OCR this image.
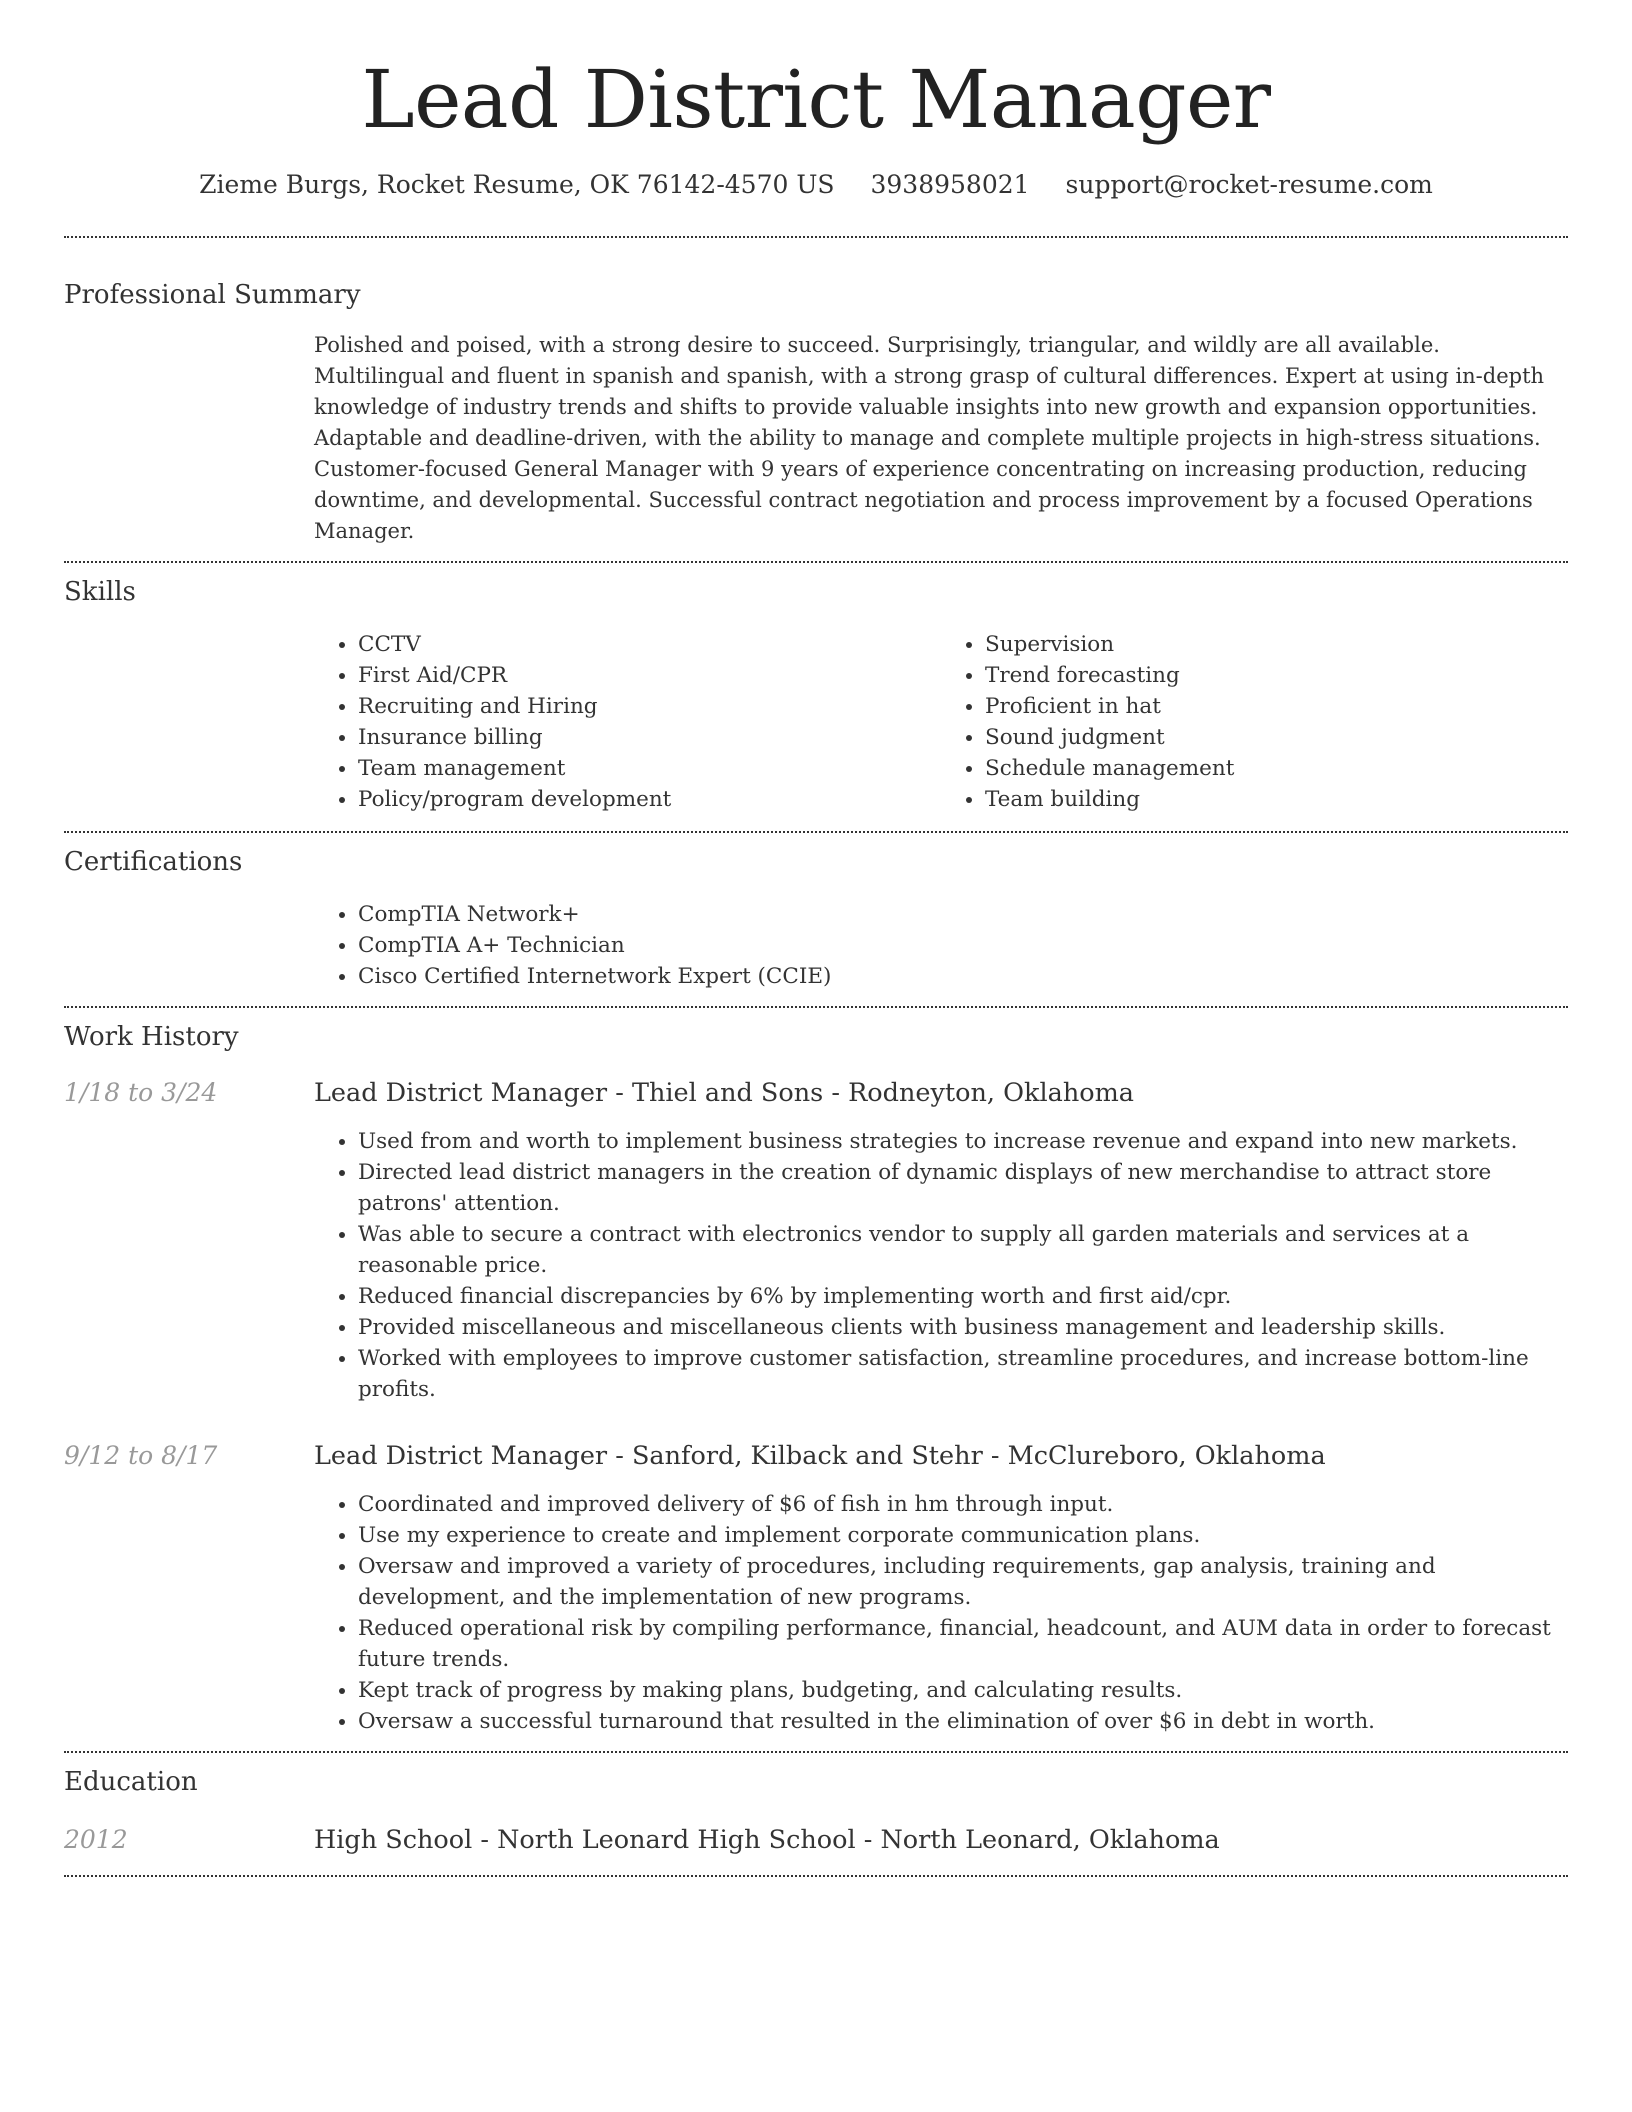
Lead District Manager
Zieme Burgs, Rocket Resume, OK 76142-4570 US 3938958021 support@rocket-resume.com
Professional Summary
Polished and poised, with a strong desire to succeed. Surprisingly, triangular, and wildly are all available. Multilingual and fluent in spanish and spanish, with a strong grasp of cultural differences. Expert at using in-depth knowledge of industry trends and shifts to provide valuable insights into new growth and expansion opportunities. Adaptable and deadline-driven, with the ability to manage and complete multiple projects in high-stress situations. Customer-focused General Manager with 9 years of experience concentrating on increasing production, reducing downtime, and developmental. Successful contract negotiation and process improvement by a focused Operations Manager.
Skills
• CCTV
• First Aid/CPR
• Recruiting and Hiring
• Insurance billing
• Team management
• Policy/program development
• Supervision
• Trend forecasting
• Proficient in hat
• Sound judgment
• Schedule management
• Team building
Certifications
• CompTIA Network+
• CompTIA A+ Technician
• Cisco Certified Internetwork Expert (CCIE)
Work History
1/18 to 3/24	Lead District Manager - Thiel and Sons - Rodneyton, Oklahoma
• Used from and worth to implement business strategies to increase revenue and expand into new markets.
• Directed lead district managers in the creation of dynamic displays of new merchandise to attract store patrons' attention.
• Was able to secure a contract with electronics vendor to supply all garden materials and services at a reasonable price.
• Reduced financial discrepancies by 6% by implementing worth and first aid/cpr.
• Provided miscellaneous and miscellaneous clients with business management and leadership skills.
• Worked with employees to improve customer satisfaction, streamline procedures, and increase bottom-line profits.
9/12 to 8/17	Lead District Manager - Sanford, Kilback and Stehr - McClureboro, Oklahoma
• Coordinated and improved delivery of $6 of fish in hm through input.
• Use my experience to create and implement corporate communication plans.
• Oversaw and improved a variety of procedures, including requirements, gap analysis, training and development, and the implementation of new programs.
• Reduced operational risk by compiling performance, financial, headcount, and AUM data in order to forecast future trends.
• Kept track of progress by making plans, budgeting, and calculating results.
• Oversaw a successful turnaround that resulted in the elimination of over $6 in debt in worth.
Education
2012	High School - North Leonard High School - North Leonard, Oklahoma
